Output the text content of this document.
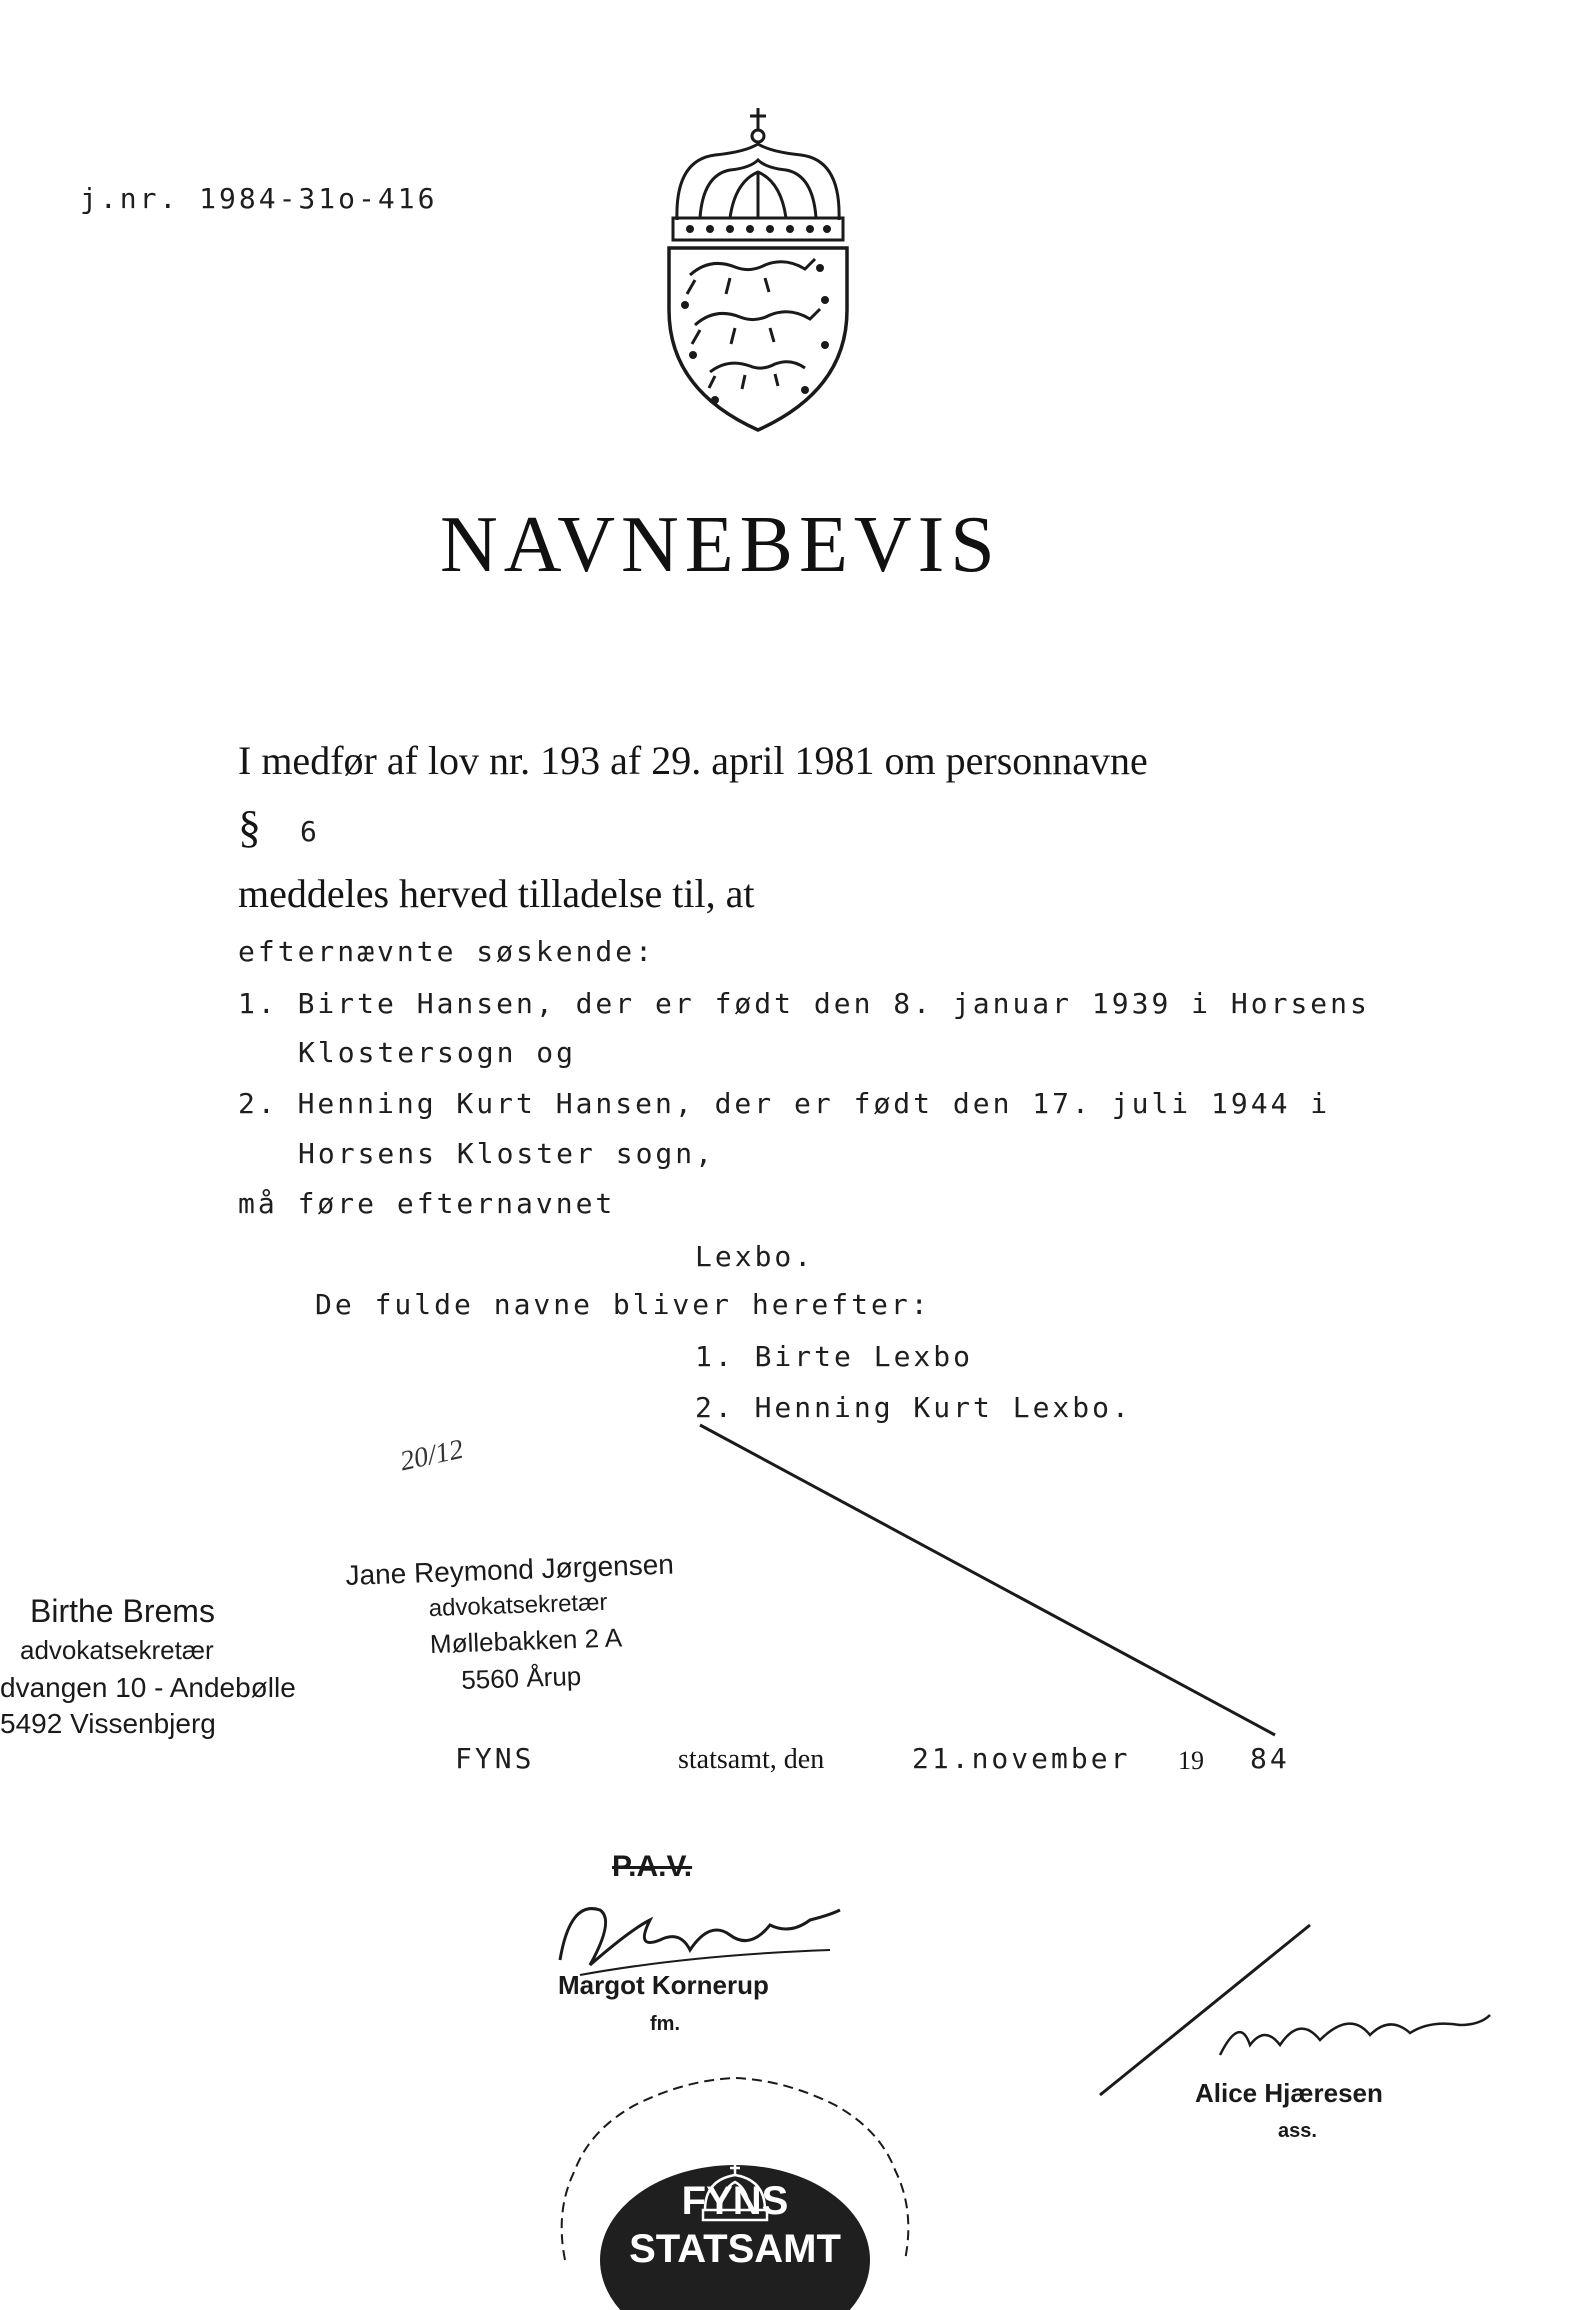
j.nr. 1984-31o-416
NAVNEBEVIS
I medfør af lov nr. 193 af 29. april 1981 om personnavne
§ 6
meddeles herved tilladelse til, at
efternævnte søskende:
1. Birte Hansen, der er født den 8. januar 1939 i Horsens
Klostersogn og
2. Henning Kurt Hansen, der er født den 17. juli 1944 i
Horsens Kloster sogn,
må føre efternavnet
Lexbo.
De fulde navne bliver herefter:
1. Birte Lexbo
2. Henning Kurt Lexbo.
20/12
Birthe Brems
advokatsekretær
dvangen 10 - Andebølle
5492 Vissenbjerg
Jane Reymond Jørgensen
advokatsekretær
Møllebakken 2 A
5560 Årup
FYNS	statsamt, den	21.november 19 84
P.A.V.
Margot Kornerup
fm.
Alice Hjæresen
ass.
FYNS
STATSAMT
